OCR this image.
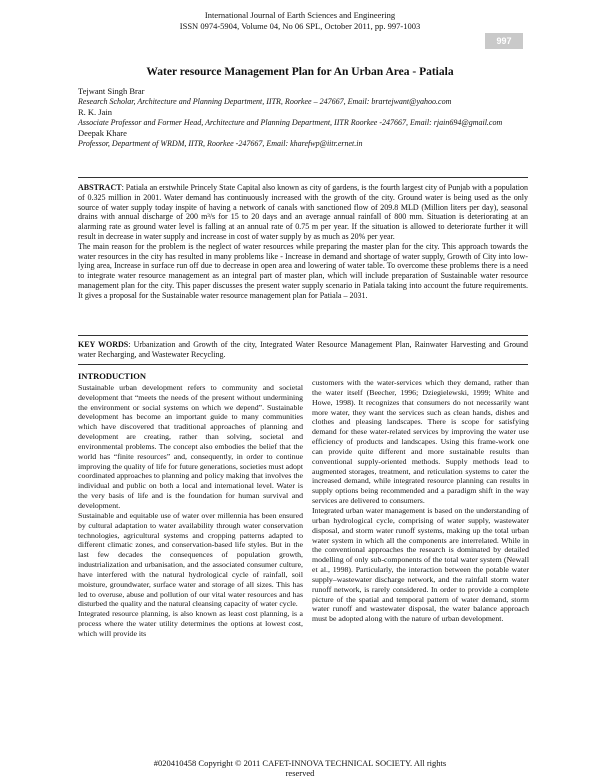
997
International Journal of Earth Sciences and Engineering
ISSN 0974-5904, Volume 04, No 06 SPL, October 2011, pp. 997-1003
Water resource Management Plan for An Urban Area - Patiala
Tejwant Singh Brar
Research Scholar, Architecture and Planning Department, IITR, Roorkee – 247667, Email: brartejwant@yahoo.com
R. K. Jain
Associate Professor and Former Head, Architecture and Planning Department, IITR Roorkee -247667, Email: rjain694@gmail.com
Deepak Khare
Professor, Department of WRDM, IITR, Roorkee -247667, Email: kharefwp@iitr.ernet.in

ABSTRACT: Patiala an erstwhile Princely State Capital also known as city of gardens, is the fourth largest city of Punjab with a population of 0.325 million in 2001. Water demand has continuously increased with the growth of the city. Ground water is being used as the only source of water supply today inspite of having a network of canals with sanctioned flow of 209.8 MLD (Million liters per day), seasonal drains with annual discharge of 200 m³/s for 15 to 20 days and an average annual rainfall of 800 mm. Situation is deteriorating at an alarming rate as ground water level is falling at an annual rate of 0.75 m per year. If the situation is allowed to deteriorate further it will result in decrease in water supply and increase in cost of water supply by as much as 20% per year.

The main reason for the problem is the neglect of water resources while preparing the master plan for the city. This approach towards the water resources in the city has resulted in many problems like - Increase in demand and shortage of water supply, Growth of City into low-lying area, Increase in surface run off due to decrease in open area and lowering of water table. To overcome these problems there is a need to integrate water resource management as an integral part of master plan, which will include preparation of Sustainable water resource management plan for the city. This paper discusses the present water supply scenario in Patiala taking into account the future requirements. It gives a proposal for the Sustainable water resource management plan for Patiala – 2031.

KEY WORDS: Urbanization and Growth of the city, Integrated Water Resource Management Plan, Rainwater Harvesting and Ground water Recharging, and Wastewater Recycling.
INTRODUCTION

Sustainable urban development refers to community and societal development that “meets the needs of the present without undermining the environment or social systems on which we depend”. Sustainable development has become an important guide to many communities which have discovered that traditional approaches of planning and development are creating, rather than solving, societal and environmental problems. The concept also embodies the belief that the world has “finite resources” and, consequently, in order to continue improving the quality of life for future generations, societies must adopt coordinated approaches to planning and policy making that involves the individual and public on both a local and international level. Water is the very basis of life and is the foundation for human survival and development.

Sustainable and equitable use of water over millennia has been ensured by cultural adaptation to water availability through water conservation technologies, agricultural systems and cropping patterns adapted to different climatic zones, and conservation-based life styles. But in the last few decades the consequences of population growth, industrialization and urbanisation, and the associated consumer culture, have interfered with the natural hydrological cycle of rainfall, soil moisture, groundwater, surface water and storage of all sizes. This has led to overuse, abuse and pollution of our vital water resources and has disturbed the quality and the natural cleansing capacity of water cycle.

Integrated resource planning, is also known as least cost planning, is a process where the water utility determines the options at lowest cost, which will provide its

customers with the water-services which they demand, rather than the water itself (Beecher, 1996; Dziegielewski, 1999; White and Howe, 1998). It recognizes that consumers do not necessarily want more water, they want the services such as clean hands, dishes and clothes and pleasing landscapes. There is scope for satisfying demand for these water-related services by improving the water use efficiency of products and landscapes. Using this frame-work one can provide quite different and more sustainable results than conventional supply-oriented methods. Supply methods lead to augmented storages, treatment, and reticulation systems to cater the increased demand, while integrated resource planning can results in supply options being recommended and a paradigm shift in the way services are delivered to consumers.

Integrated urban water management is based on the understanding of urban hydrological cycle, comprising of water supply, wastewater disposal, and storm water runoff systems, making up the total urban water system in which all the components are interrelated. While in the conventional approaches the research is dominated by detailed modelling of only sub-components of the total water system (Newall et al., 1998). Particularly, the interaction between the potable water supply–wastewater discharge network, and the rainfall storm water runoff network, is rarely considered. In order to provide a complete picture of the spatial and temporal pattern of water demand, storm water runoff and wastewater disposal, the water balance approach must be adopted along with the nature of urban development.

#020410458 Copyright © 2011 CAFET-INNOVA TECHNICAL SOCIETY. All rights reserved
